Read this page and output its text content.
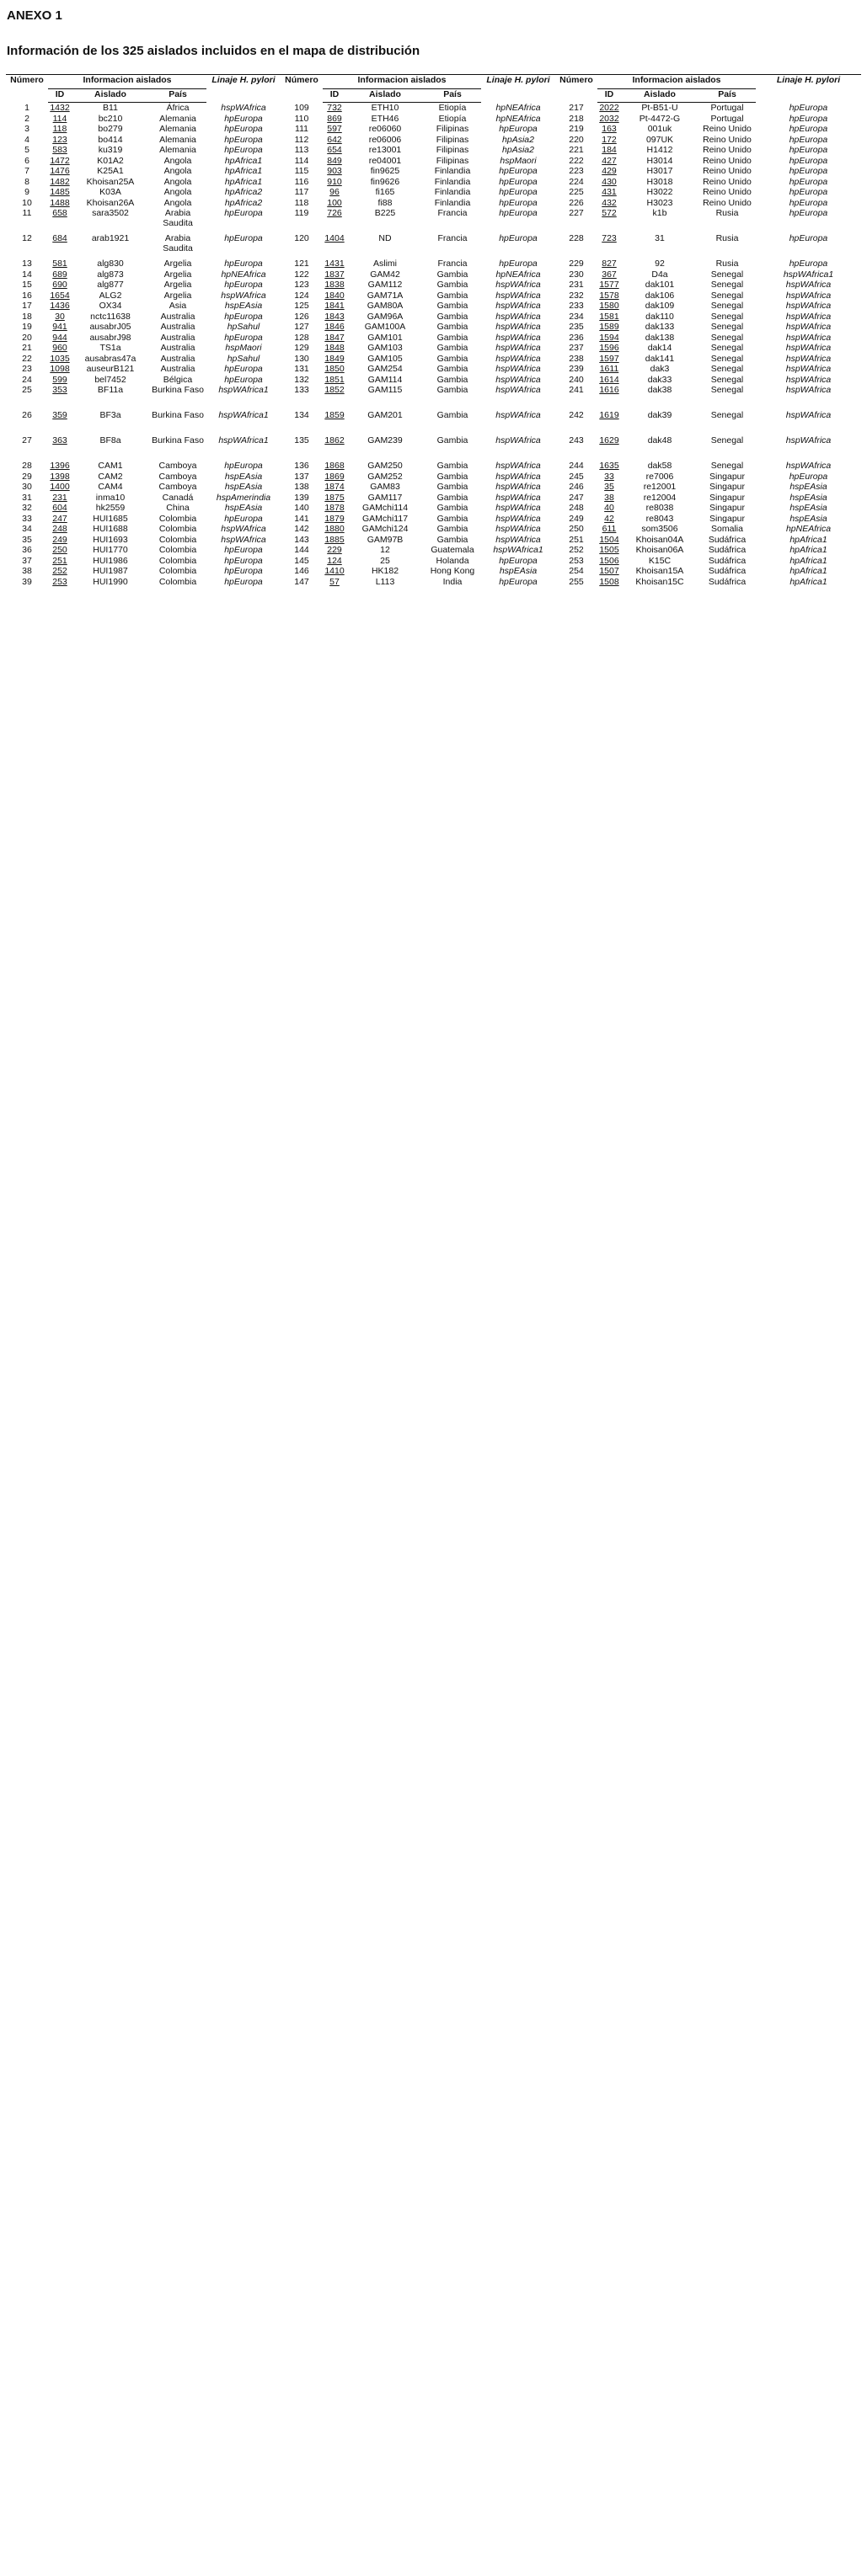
ANEXO 1
Información de los 325 aislados incluidos en el mapa de distribución
Número	Informacion aislados			Linaje H. pylori	Número	Informacion aislados			Linaje H. pylori	Número	Informacion aislados			Linaje H. pylori
	ID	Aislado	País			ID	Aislado	País			ID	Aislado	País	
1	1432	B11	África	hspWAfrica	109	732	ETH10	Etiopía	hpNEAfrica	217	2022	Pt-B51-U	Portugal	hpEuropa
2	114	bc210	Alemania	hpEuropa	110	869	ETH46	Etiopía	hpNEAfrica	218	2032	Pt-4472-G	Portugal	hpEuropa
3	118	bo279	Alemania	hpEuropa	111	597	re06060	Filipinas	hpEuropa	219	163	001uk	Reino Unido	hpEuropa
4	123	bo414	Alemania	hpEuropa	112	642	re06006	Filipinas	hpAsia2	220	172	097UK	Reino Unido	hpEuropa
5	583	ku319	Alemania	hpEuropa	113	654	re13001	Filipinas	hpAsia2	221	184	H1412	Reino Unido	hpEuropa
6	1472	K01A2	Angola	hpAfrica1	114	849	re04001	Filipinas	hspMaori	222	427	H3014	Reino Unido	hpEuropa
7	1476	K25A1	Angola	hpAfrica1	115	903	fin9625	Finlandia	hpEuropa	223	429	H3017	Reino Unido	hpEuropa
8	1482	Khoisan25A	Angola	hpAfrica1	116	910	fin9626	Finlandia	hpEuropa	224	430	H3018	Reino Unido	hpEuropa
9	1485	K03A	Angola	hpAfrica2	117	96	fi165	Finlandia	hpEuropa	225	431	H3022	Reino Unido	hpEuropa
10	1488	Khoisan26A	Angola	hpAfrica2	118	100	fi88	Finlandia	hpEuropa	226	432	H3023	Reino Unido	hpEuropa
11	658	sara3502	Arabia Saudita	hpEuropa	119	726	B225	Francia	hpEuropa	227	572	k1b	Rusia	hpEuropa
12	684	arab1921	Arabia Saudita	hpEuropa	120	1404	ND	Francia	hpEuropa	228	723	31	Rusia	hpEuropa
13	581	alg830	Argelia	hpEuropa	121	1431	Aslimi	Francia	hpEuropa	229	827	92	Rusia	hpEuropa
14	689	alg873	Argelia	hpNEAfrica	122	1837	GAM42	Gambia	hpNEAfrica	230	367	D4a	Senegal	hspWAfrica1
15	690	alg877	Argelia	hpEuropa	123	1838	GAM112	Gambia	hspWAfrica	231	1577	dak101	Senegal	hspWAfrica
16	1654	ALG2	Argelia	hspWAfrica	124	1840	GAM71A	Gambia	hspWAfrica	232	1578	dak106	Senegal	hspWAfrica
17	1436	OX34	Asia	hspEAsia	125	1841	GAM80A	Gambia	hspWAfrica	233	1580	dak109	Senegal	hspWAfrica
18	30	nctc11638	Australia	hpEuropa	126	1843	GAM96A	Gambia	hspWAfrica	234	1581	dak110	Senegal	hspWAfrica
19	941	ausabrJ05	Australia	hpSahul	127	1846	GAM100A	Gambia	hspWAfrica	235	1589	dak133	Senegal	hspWAfrica
20	944	ausabrJ98	Australia	hpEuropa	128	1847	GAM101	Gambia	hspWAfrica	236	1594	dak138	Senegal	hspWAfrica
21	960	TS1a	Australia	hspMaori	129	1848	GAM103	Gambia	hspWAfrica	237	1596	dak14	Senegal	hspWAfrica
22	1035	ausabras47a	Australia	hpSahul	130	1849	GAM105	Gambia	hspWAfrica	238	1597	dak141	Senegal	hspWAfrica
23	1098	auseurB121	Australia	hpEuropa	131	1850	GAM254	Gambia	hspWAfrica	239	1611	dak3	Senegal	hspWAfrica
24	599	bel7452	Bélgica	hpEuropa	132	1851	GAM114	Gambia	hspWAfrica	240	1614	dak33	Senegal	hspWAfrica
25	353	BF11a	Burkina Faso	hspWAfrica1	133	1852	GAM115	Gambia	hspWAfrica	241	1616	dak38	Senegal	hspWAfrica
26	359	BF3a	Burkina Faso	hspWAfrica1	134	1859	GAM201	Gambia	hspWAfrica	242	1619	dak39	Senegal	hspWAfrica
27	363	BF8a	Burkina Faso	hspWAfrica1	135	1862	GAM239	Gambia	hspWAfrica	243	1629	dak48	Senegal	hspWAfrica
28	1396	CAM1	Camboya	hpEuropa	136	1868	GAM250	Gambia	hspWAfrica	244	1635	dak58	Senegal	hspWAfrica
29	1398	CAM2	Camboya	hspEAsia	137	1869	GAM252	Gambia	hspWAfrica	245	33	re7006	Singapur	hpEuropa
30	1400	CAM4	Camboya	hspEAsia	138	1874	GAM83	Gambia	hspWAfrica	246	35	re12001	Singapur	hspEAsia
31	231	inma10	Canadá	hspAmerindia	139	1875	GAM117	Gambia	hspWAfrica	247	38	re12004	Singapur	hspEAsia
32	604	hk2559	China	hspEAsia	140	1878	GAMchi114	Gambia	hspWAfrica	248	40	re8038	Singapur	hspEAsia
33	247	HUI1685	Colombia	hpEuropa	141	1879	GAMchi117	Gambia	hspWAfrica	249	42	re8043	Singapur	hspEAsia
34	248	HUI1688	Colombia	hspWAfrica	142	1880	GAMchi124	Gambia	hspWAfrica	250	611	som3506	Somalia	hpNEAfrica
35	249	HUI1693	Colombia	hspWAfrica	143	1885	GAM97B	Gambia	hspWAfrica	251	1504	Khoisan04A	Sudáfrica	hpAfrica1
36	250	HUI1770	Colombia	hpEuropa	144	229	12	Guatemala	hspWAfrica1	252	1505	Khoisan06A	Sudáfrica	hpAfrica1
37	251	HUI1986	Colombia	hpEuropa	145	124	25	Holanda	hpEuropa	253	1506	K15C	Sudáfrica	hpAfrica1
38	252	HUI1987	Colombia	hpEuropa	146	1410	HK182	Hong Kong	hspEAsia	254	1507	Khoisan15A	Sudáfrica	hpAfrica1
39	253	HUI1990	Colombia	hpEuropa	147	57	L113	India	hpEuropa	255	1508	Khoisan15C	Sudáfrica	hpAfrica1
